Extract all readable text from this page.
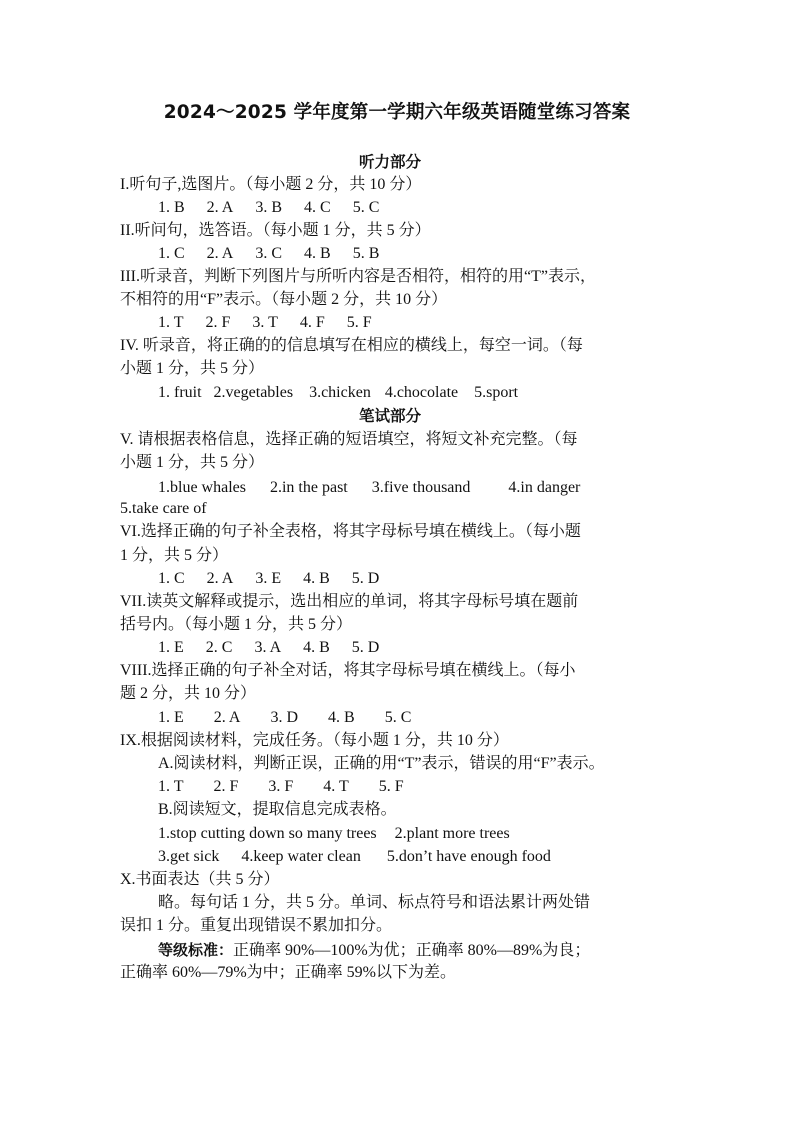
2024～2025 学年度第一学期六年级英语随堂练习答案
听力部分
I.听句子,选图片。（每小题 2 分，共 10 分）
1. B 2. A 3. B 4. C 5. C
II.听问句，选答语。（每小题 1 分，共 5 分）
1. C 2. A 3. C 4. B 5. B
III.听录音，判断下列图片与所听内容是否相符，相符的用“T”表示，
不相符的用“F”表示。（每小题 2 分，共 10 分）
1. T 2. F 3. T 4. F 5. F
IV. 听录音，将正确的的信息填写在相应的横线上，每空一词。（每
小题 1 分，共 5 分）
1. fruit 2.vegetables 3.chicken 4.chocolate 5.sport
笔试部分
V. 请根据表格信息，选择正确的短语填空，将短文补充完整。（每
小题 1 分，共 5 分）
1.blue whales 2.in the past 3.five thousand 4.in danger
5.take care of
VI.选择正确的句子补全表格，将其字母标号填在横线上。（每小题
1 分，共 5 分）
1. C 2. A 3. E 4. B 5. D
VII.读英文解释或提示，选出相应的单词，将其字母标号填在题前
括号内。（每小题 1 分，共 5 分）
1. E 2. C 3. A 4. B 5. D
VIII.选择正确的句子补全对话，将其字母标号填在横线上。（每小
题 2 分，共 10 分）
1. E 2. A 3. D 4. B 5. C
IX.根据阅读材料，完成任务。（每小题 1 分，共 10 分）
A.阅读材料，判断正误，正确的用“T”表示，错误的用“F”表示。
1. T 2. F 3. F 4. T 5. F
B.阅读短文，提取信息完成表格。
1.stop cutting down so many trees 2.plant more trees
3.get sick 4.keep water clean 5.don’t have enough food
X.书面表达（共 5 分）
略。每句话 1 分，共 5 分。单词、标点符号和语法累计两处错
误扣 1 分。重复出现错误不累加扣分。
等级标准：正确率 90%—100%为优；正确率 80%—89%为良；
正确率 60%—79%为中；正确率 59%以下为差。
